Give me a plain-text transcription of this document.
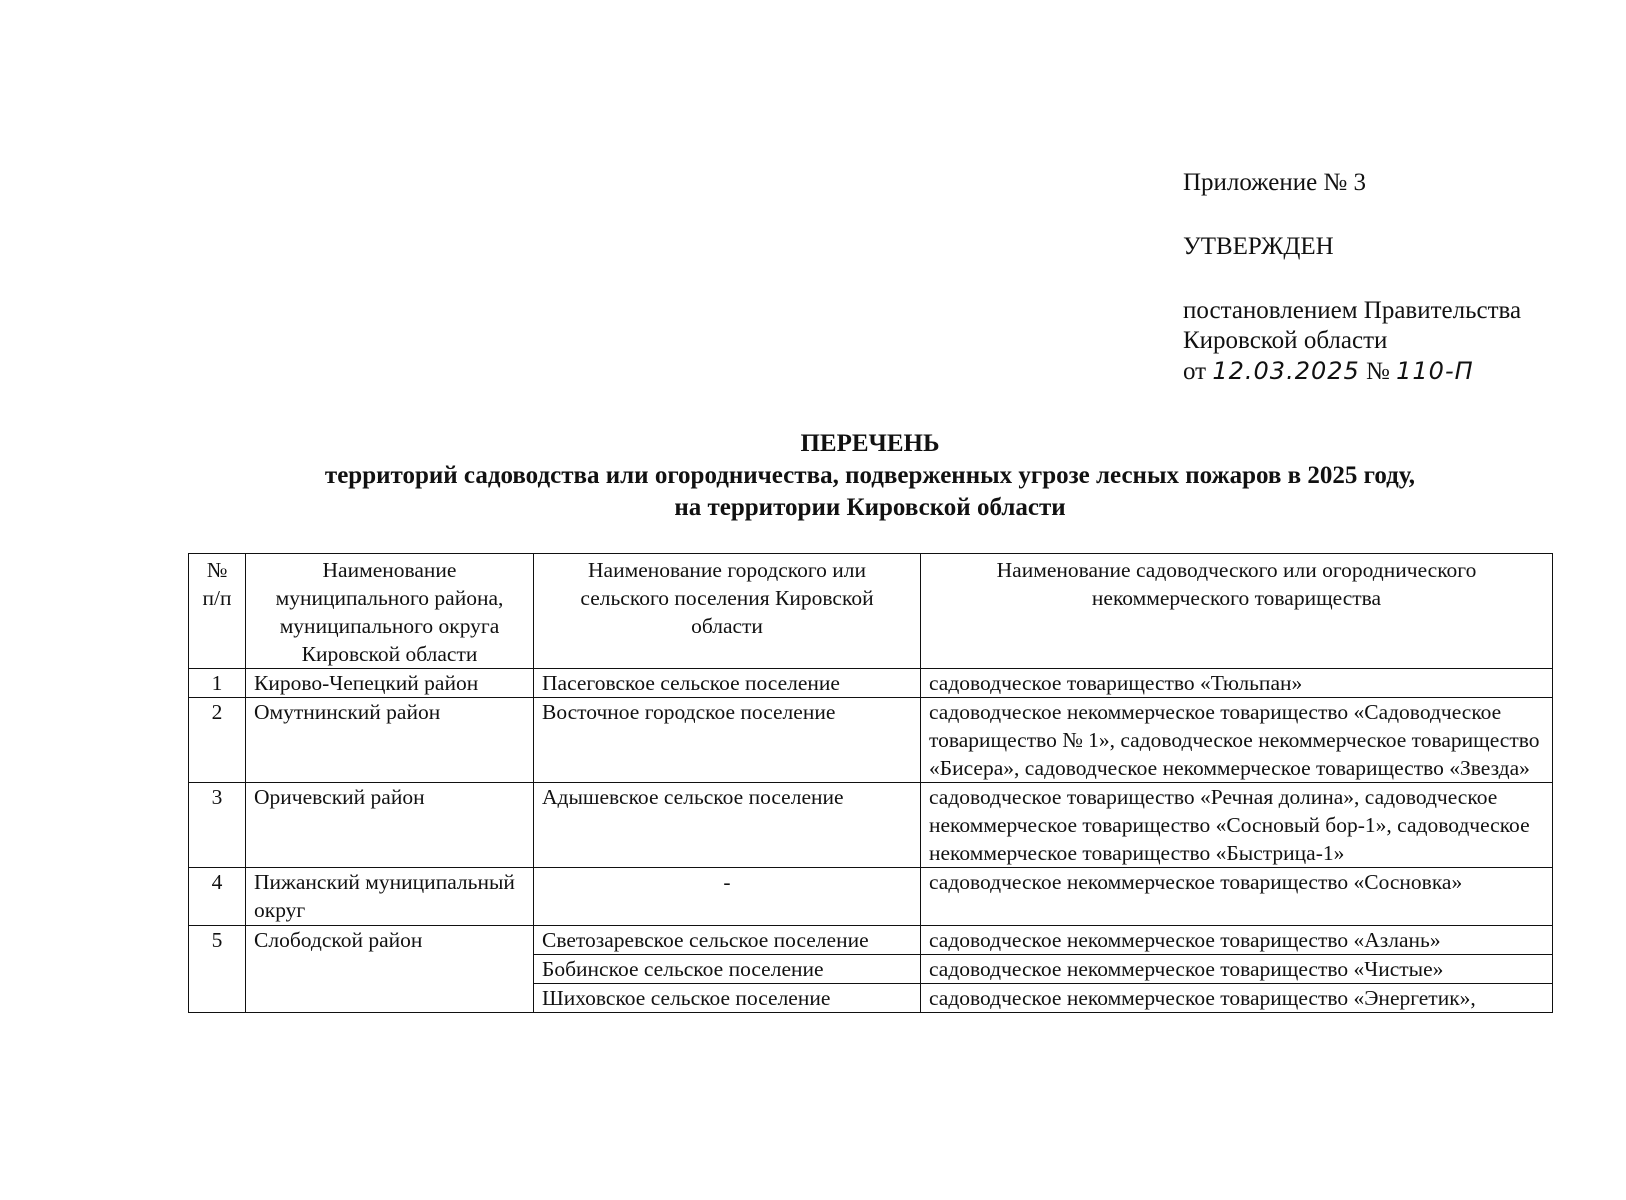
Приложение № 3
УТВЕРЖДЕН
постановлением Правительства
Кировской области
от 12.03.2025 № 110-П
ПЕРЕЧЕНЬ
территорий садоводства или огородничества, подверженных угрозе лесных пожаров в 2025 году,
на территории Кировской области
№ п/п	Наименование муниципального района, муниципального округа Кировской области	Наименование городского или сельского поселения Кировской области	Наименование садоводческого или огороднического некоммерческого товарищества
1	Кирово-Чепецкий район	Пасеговское сельское поселение	садоводческое товарищество «Тюльпан»
2	Омутнинский район	Восточное городское поселение	садоводческое некоммерческое товарищество «Садоводческое товарищество № 1», садоводческое некоммерческое товарищество «Бисера», садоводческое некоммерческое товарищество «Звезда»
3	Оричевский район	Адышевское сельское поселение	садоводческое товарищество «Речная долина», садоводческое некоммерческое товарищество «Сосновый бор-1», садоводческое некоммерческое товарищество «Быстрица-1»
4	Пижанский муниципальный округ	-	садоводческое некоммерческое товарищество «Сосновка»
5	Слободской район	Светозаревское сельское поселение	садоводческое некоммерческое товарищество «Азлань»
		Бобинское сельское поселение	садоводческое некоммерческое товарищество «Чистые»
		Шиховское сельское поселение	садоводческое некоммерческое товарищество «Энергетик»,
